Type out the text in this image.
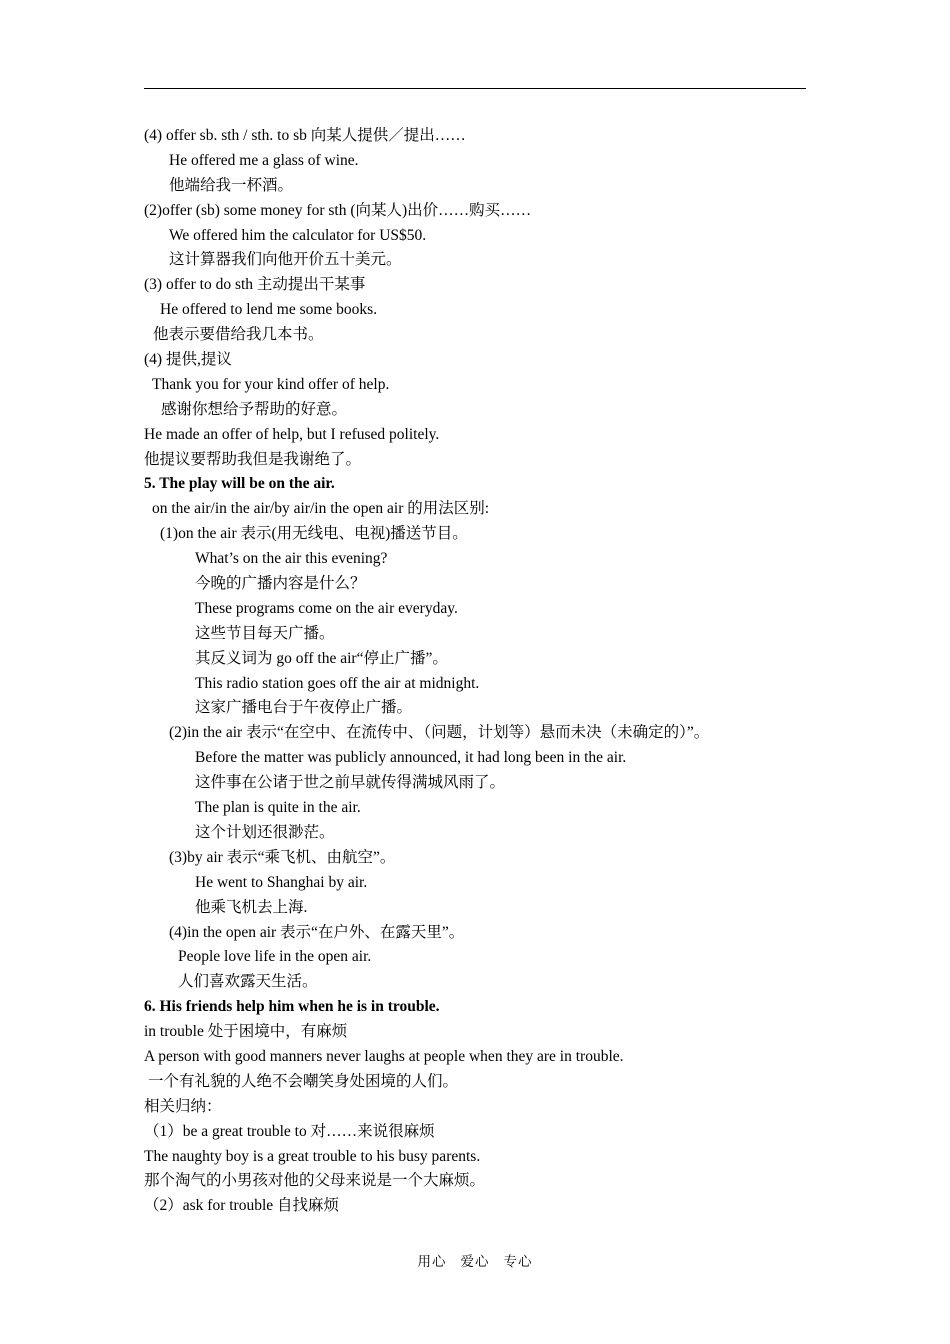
(4) offer sb. sth / sth. to sb 向某人提供／提出……
He offered me a glass of wine.
他端给我一杯酒。
(2)offer (sb) some money for sth (向某人)出价……购买……
We offered him the calculator for US$50.
这计算器我们向他开价五十美元。
(3) offer to do sth 主动提出干某事
He offered to lend me some books.
他表示要借给我几本书。
(4) 提供,提议
Thank you for your kind offer of help.
感谢你想给予帮助的好意。
He made an offer of help, but I refused politely.
他提议要帮助我但是我谢绝了。
5. The play will be on the air.
on the air/in the air/by air/in the open air 的用法区别:
(1)on the air 表示(用无线电、电视)播送节目。
What’s on the air this evening?
今晚的广播内容是什么？
These programs come on the air everyday.
这些节目每天广播。
其反义词为 go off the air“停止广播”。
This radio station goes off the air at midnight.
这家广播电台于午夜停止广播。
(2)in the air 表示“在空中、在流传中、（问题，计划等）悬而未决（未确定的）”。
Before the matter was publicly announced, it had long been in the air.
这件事在公诸于世之前早就传得满城风雨了。
The plan is quite in the air.
这个计划还很渺茫。
(3)by air 表示“乘飞机、由航空”。
He went to Shanghai by air.
他乘飞机去上海.
(4)in the open air 表示“在户外、在露天里”。
People love life in the open air.
人们喜欢露天生活。
6. His friends help him when he is in trouble.
in trouble 处于困境中，有麻烦
A person with good manners never laughs at people when they are in trouble.
一个有礼貌的人绝不会嘲笑身处困境的人们。
相关归纳：
（1）be a great trouble to 对……来说很麻烦
The naughty boy is a great trouble to his busy parents.
那个淘气的小男孩对他的父母来说是一个大麻烦。
（2）ask for trouble 自找麻烦
用心 爱心 专心
